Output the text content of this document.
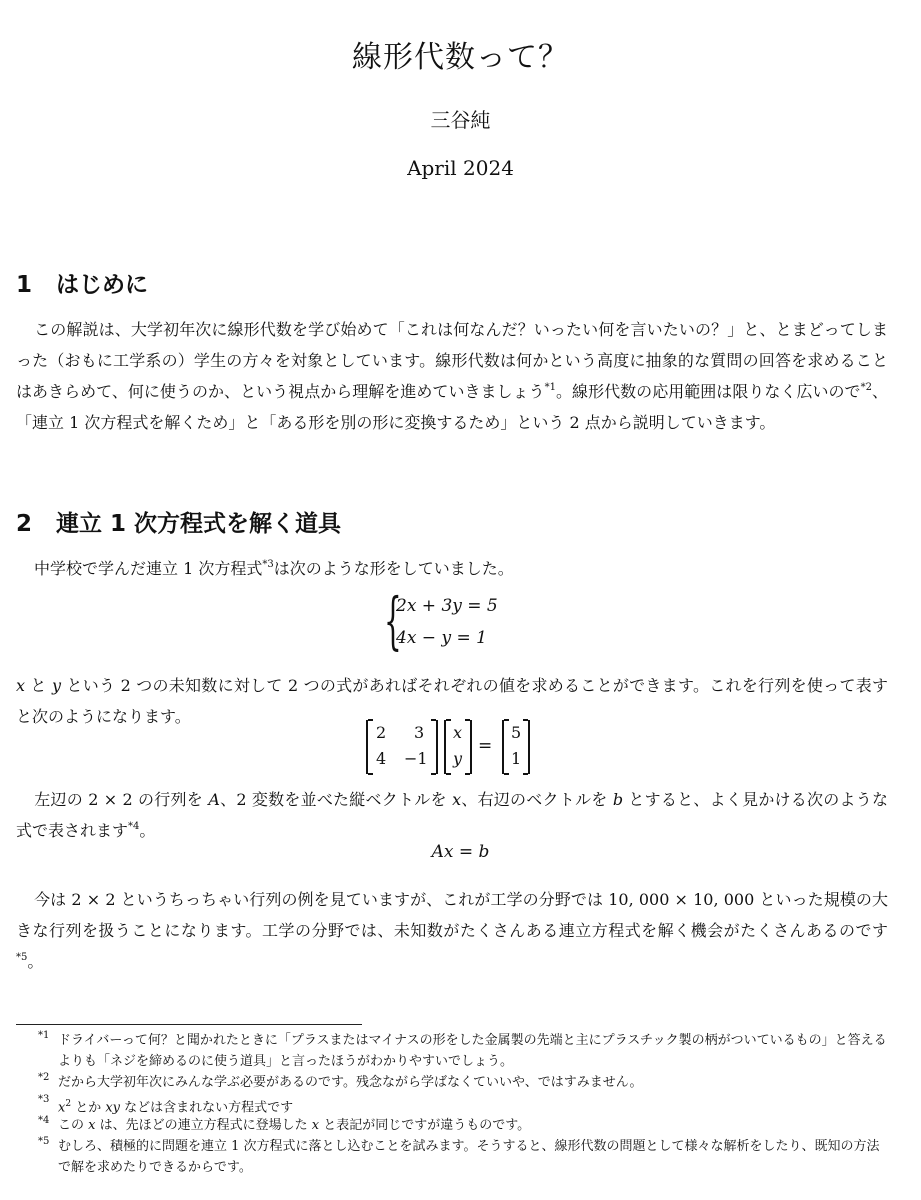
線形代数って？
三谷純
April 2024
1 はじめに
この解説は、大学初年次に線形代数を学び始めて「これは何なんだ？いったい何を言いたいの？」と、とまどってしまった（おもに工学系の）学生の方々を対象としています。線形代数は何かという高度に抽象的な質問の回答を求めることはあきらめて、何に使うのか、という視点から理解を進めていきましょう$^{*1}$。線形代数の応用範囲は限りなく広いので$^{*2}$、「連立 1 次方程式を解くため」と「ある形を別の形に変換するため」という 2 点から説明していきます。
2 連立 1 次方程式を解く道具
中学校で学んだ連立 1 次方程式$^{*3}$は次のような形をしていました。
{
2x + 3y = 5
4x − y = 1
x と y という 2 つの未知数に対して 2 つの式があればそれぞれの値を求めることができます。これを行列を使って表すと次のようになります。
2 3
4 −1
x
y
=
5
1
左辺の 2 × 2 の行列を A、2 変数を並べた縦ベクトルを x、右辺のベクトルを b とすると、よく見かける次のような式で表されます$^{*4}$。
Ax = b
今は 2 × 2 というちっちゃい行列の例を見ていますが、これが工学の分野では 10, 000 × 10, 000 といった規模の大きな行列を扱うことになります。工学の分野では、未知数がたくさんある連立方程式を解く機会がたくさんあるのです$^{*5}$。
*1 ドライバーって何？と聞かれたときに「プラスまたはマイナスの形をした金属製の先端と主にプラスチック製の柄がついているもの」と答えるよりも「ネジを締めるのに使う道具」と言ったほうがわかりやすいでしょう。
*2 だから大学初年次にみんな学ぶ必要があるのです。残念ながら学ばなくていいや、ではすみません。
*3
$x^2$ とか xy などは含まれない方程式です
*4 この x は、先ほどの連立方程式に登場した x と表記が同じですが違うものです。
*5 むしろ、積極的に問題を連立 1 次方程式に落とし込むことを試みます。そうすると、線形代数の問題として様々な解析をしたり、既知の方法で解を求めたりできるからです。
